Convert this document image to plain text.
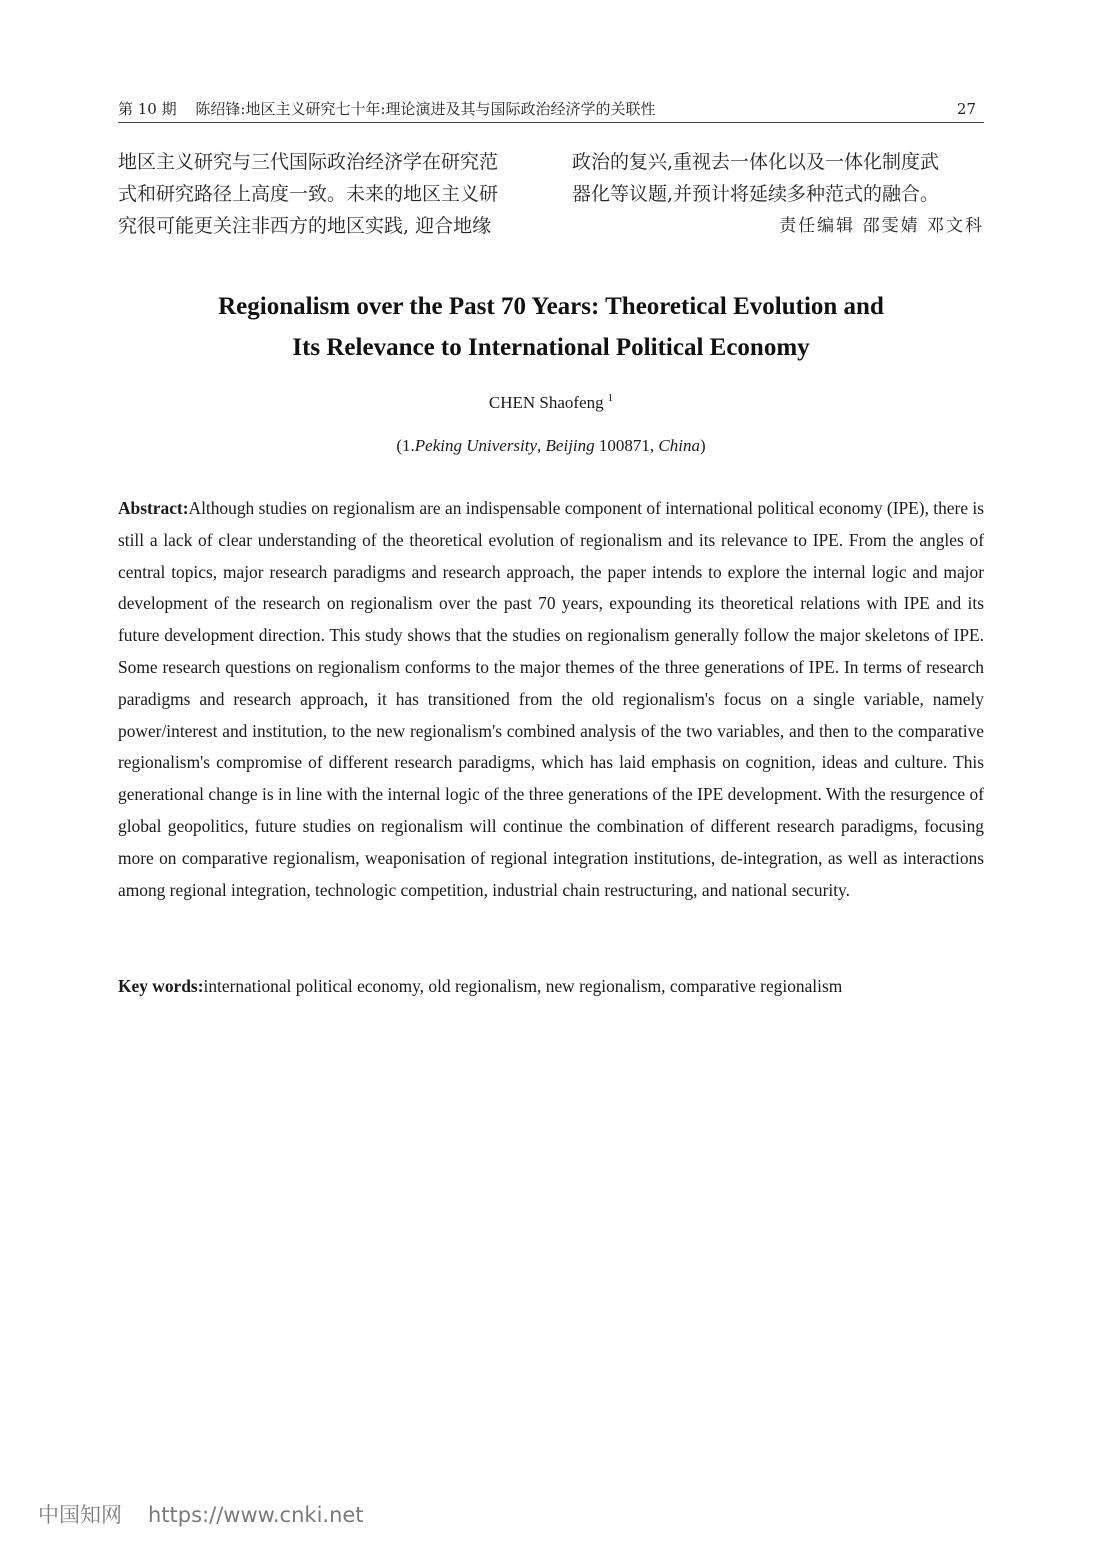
第 10 期 陈绍锋:地区主义研究七十年:理论演进及其与国际政治经济学的关联性	27
地区主义研究与三代国际政治经济学在研究范
式和研究路径上高度一致。未来的地区主义研
究很可能更关注非西方的地区实践, 迎合地缘
政治的复兴,重视去一体化以及一体化制度武
器化等议题,并预计将延续多种范式的融合。
责任编辑 邵雯婧 邓文科
Regionalism over the Past 70 Years: Theoretical Evolution and
Its Relevance to International Political Economy
CHEN Shaofeng $^1$
(1.Peking University, Beijing 100871, China)
Abstract:Although studies on regionalism are an indispensable component of international political economy (IPE), there is still a lack of clear understanding of the theoretical evolution of regionalism and its relevance to IPE. From the angles of central topics, major research paradigms and research approach, the paper intends to explore the internal logic and major development of the research on regionalism over the past 70 years, expounding its theoretical relations with IPE and its future development direction. This study shows that the studies on regionalism generally follow the major skeletons of IPE. Some research questions on regionalism conforms to the major themes of the three generations of IPE. In terms of research paradigms and research approach, it has transitioned from the old regionalism's focus on a single variable, namely power/interest and institution, to the new regionalism's combined analysis of the two variables, and then to the comparative regionalism's compromise of different research paradigms, which has laid emphasis on cognition, ideas and culture. This generational change is in line with the internal logic of the three generations of the IPE development. With the resurgence of global geopolitics, future studies on regionalism will continue the combination of different research paradigms, focusing more on comparative regionalism, weaponisation of regional integration institutions, de-integration, as well as interactions among regional integration, technologic competition, industrial chain restructuring, and national security.
Key words:international political economy, old regionalism, new regionalism, comparative regionalism
中国知网 https://www.cnki.net
